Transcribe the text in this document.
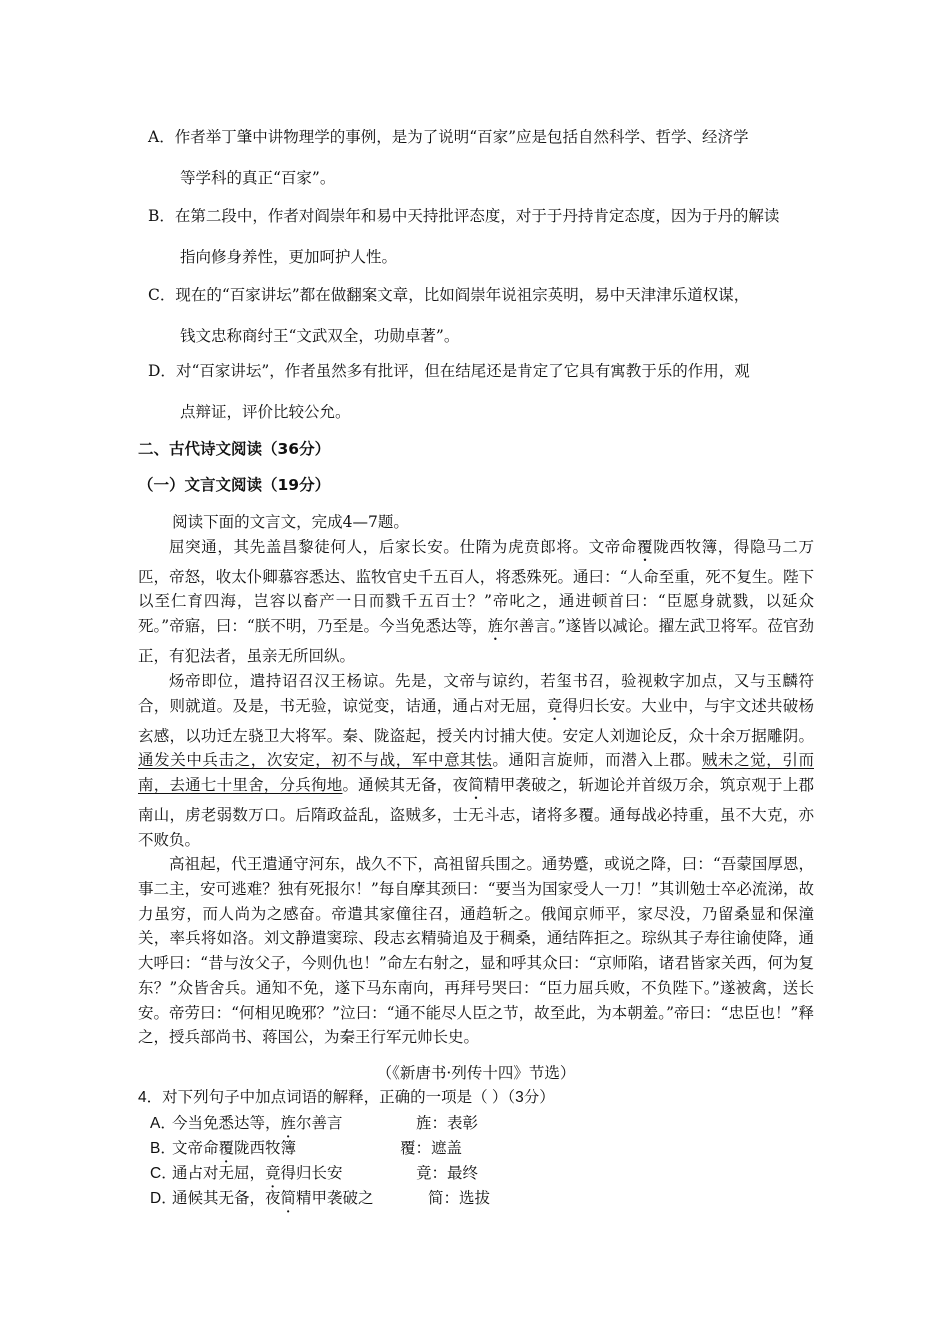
A．作者举丁肇中讲物理学的事例，是为了说明“百家”应是包括自然科学、哲学、经济学
等学科的真正“百家”。
B．在第二段中，作者对阎崇年和易中天持批评态度，对于于丹持肯定态度，因为于丹的解读
指向修身养性，更加呵护人性。
C．现在的“百家讲坛”都在做翻案文章，比如阎崇年说祖宗英明，易中天津津乐道权谋，
钱文忠称商纣王“文武双全，功勋卓著”。
D．对“百家讲坛”，作者虽然多有批评，但在结尾还是肯定了它具有寓教于乐的作用，观
点辩证，评价比较公允。
二、古代诗文阅读（36分）
（一）文言文阅读（19分）

阅读下面的文言文，完成4—7题。

屈突通，其先盖昌黎徒何人，后家长安。仕隋为虎贲郎将。文帝命覆陇西牧簿，得隐马二万匹，帝怒，收太仆卿慕容悉达、监牧官史千五百人，将悉殊死。通曰：“人命至重，死不复生。陛下以至仁育四海，岂容以畜产一日而戮千五百士？”帝叱之，通进顿首曰：“臣愿身就戮，以延众死。”帝寤，曰：“朕不明，乃至是。今当免悉达等，旌尔善言。”遂皆以减论。擢左武卫将军。莅官劲正，有犯法者，虽亲无所回纵。

炀帝即位，遣持诏召汉王杨谅。先是，文帝与谅约，若玺书召，验视敕字加点，又与玉麟符合，则就道。及是，书无验，谅觉变，诘通，通占对无屈，竟得归长安。大业中，与宇文述共破杨玄感，以功迁左骁卫大将军。秦、陇盗起，授关内讨捕大使。安定人刘迦论反，众十余万据雕阴。通发关中兵击之，次安定，初不与战，军中意其怯。通阳言旋师，而潜入上郡。贼未之觉，引而南，去通七十里舍，分兵徇地。通候其无备，夜简精甲袭破之，斩迦论并首级万余，筑京观于上郡南山，虏老弱数万口。后隋政益乱，盗贼多，士无斗志，诸将多覆。通每战必持重，虽不大克，亦不败负。

高祖起，代王遣通守河东，战久不下，高祖留兵围之。通势蹙，或说之降，曰：“吾蒙国厚恩，事二主，安可逃难？独有死报尔！”每自摩其颈曰：“要当为国家受人一刀！”其训勉士卒必流涕，故力虽穷，而人尚为之感奋。帝遣其家僮往召，通趋斩之。俄闻京师平，家尽没，乃留桑显和保潼关，率兵将如洛。刘文静遣窦琮、段志玄精骑追及于稠桑，通结阵拒之。琮纵其子寿往谕使降，通大呼曰：“昔与汝父子，今则仇也！”命左右射之，显和呼其众曰：“京师陷，诸君皆家关西，何为复东？”众皆舍兵。通知不免，遂下马东南向，再拜号哭曰：“臣力屈兵败，不负陛下。”遂被禽，送长安。帝劳曰：“何相见晚邪？”泣曰：“通不能尽人臣之节，故至此，为本朝羞。”帝曰：“忠臣也！”释之，授兵部尚书、蒋国公，为秦王行军元帅长史。

（《新唐书·列传十四》节选）
4．对下列句子中加点词语的解释，正确的一项是（ ）（3分）
A．今当免悉达等，旌尔善言	旌：表彰
B．文帝命覆陇西牧簿	覆：遮盖
C．通占对无屈，竟得归长安	竟：最终
D．通候其无备，夜简精甲袭破之	简：选拔
